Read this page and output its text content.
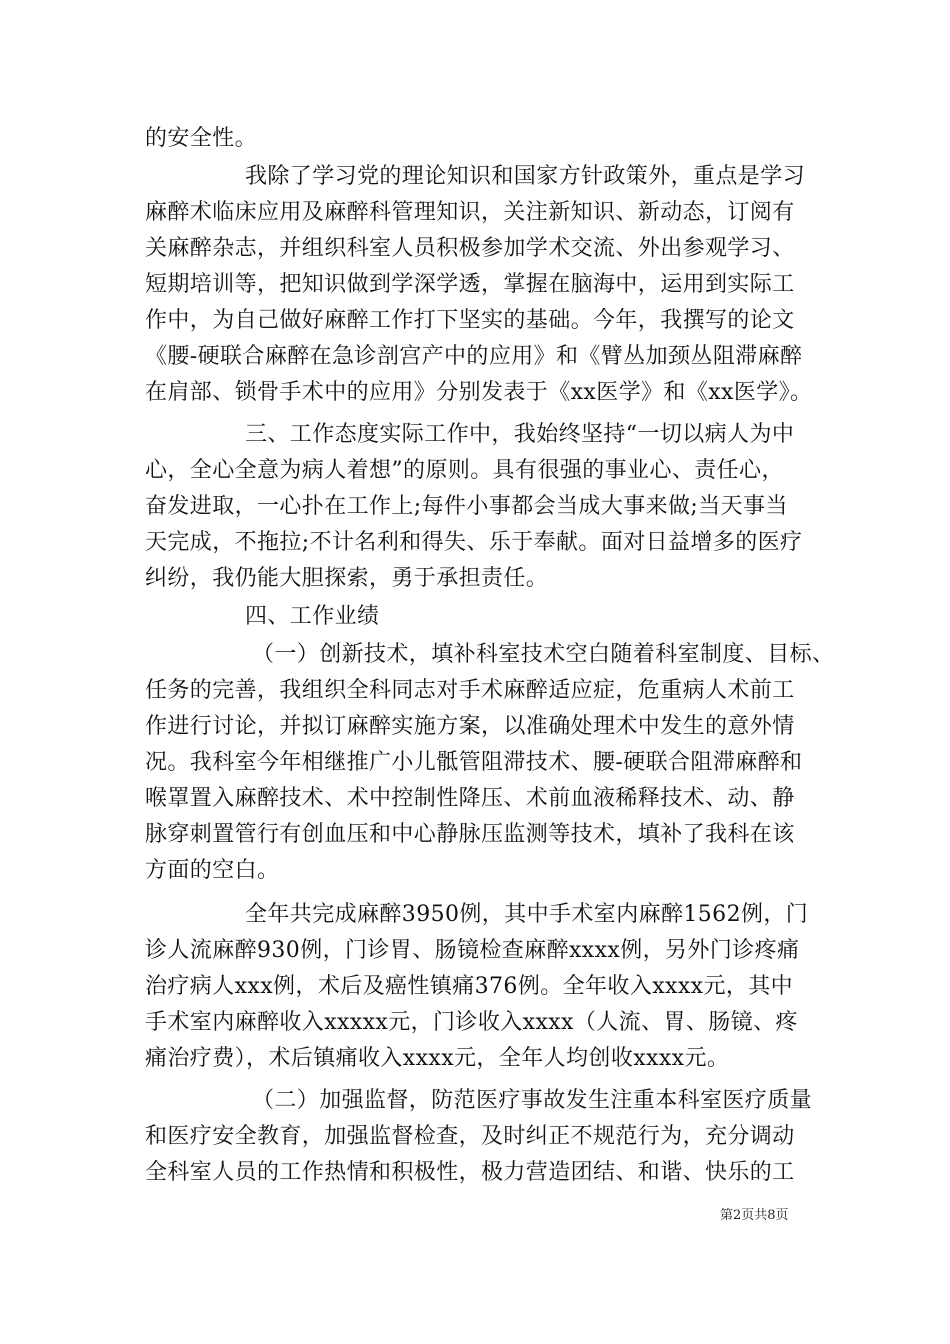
的安全性。
我除了学习党的理论知识和国家方针政策外，重点是学习
麻醉术临床应用及麻醉科管理知识，关注新知识、新动态，订阅有
关麻醉杂志，并组织科室人员积极参加学术交流、外出参观学习、
短期培训等，把知识做到学深学透，掌握在脑海中，运用到实际工
作中，为自己做好麻醉工作打下坚实的基础。今年，我撰写的论文
《腰-硬联合麻醉在急诊剖宫产中的应用》和《臂丛加颈丛阻滞麻醉
在肩部、锁骨手术中的应用》分别发表于《xx医学》和《xx医学》。
三、工作态度实际工作中，我始终坚持“一切以病人为中
心，全心全意为病人着想”的原则。具有很强的事业心、责任心，
奋发进取，一心扑在工作上;每件小事都会当成大事来做;当天事当
天完成，不拖拉;不计名利和得失、乐于奉献。面对日益增多的医疗
纠纷，我仍能大胆探索，勇于承担责任。
四、工作业绩
（一）创新技术，填补科室技术空白随着科室制度、目标、
任务的完善，我组织全科同志对手术麻醉适应症，危重病人术前工
作进行讨论，并拟订麻醉实施方案，以准确处理术中发生的意外情
况。我科室今年相继推广小儿骶管阻滞技术、腰-硬联合阻滞麻醉和
喉罩置入麻醉技术、术中控制性降压、术前血液稀释技术、动、静
脉穿刺置管行有创血压和中心静脉压监测等技术，填补了我科在该
方面的空白。
全年共完成麻醉3950例，其中手术室内麻醉1562例，门
诊人流麻醉930例，门诊胃、肠镜检查麻醉xxxx例，另外门诊疼痛
治疗病人xxx例，术后及癌性镇痛376例。全年收入xxxx元，其中
手术室内麻醉收入xxxxx元，门诊收入xxxx（人流、胃、肠镜、疼
痛治疗费），术后镇痛收入xxxx元，全年人均创收xxxx元。
（二）加强监督，防范医疗事故发生注重本科室医疗质量
和医疗安全教育，加强监督检查，及时纠正不规范行为，充分调动
全科室人员的工作热情和积极性，极力营造团结、和谐、快乐的工
第2页共8页
